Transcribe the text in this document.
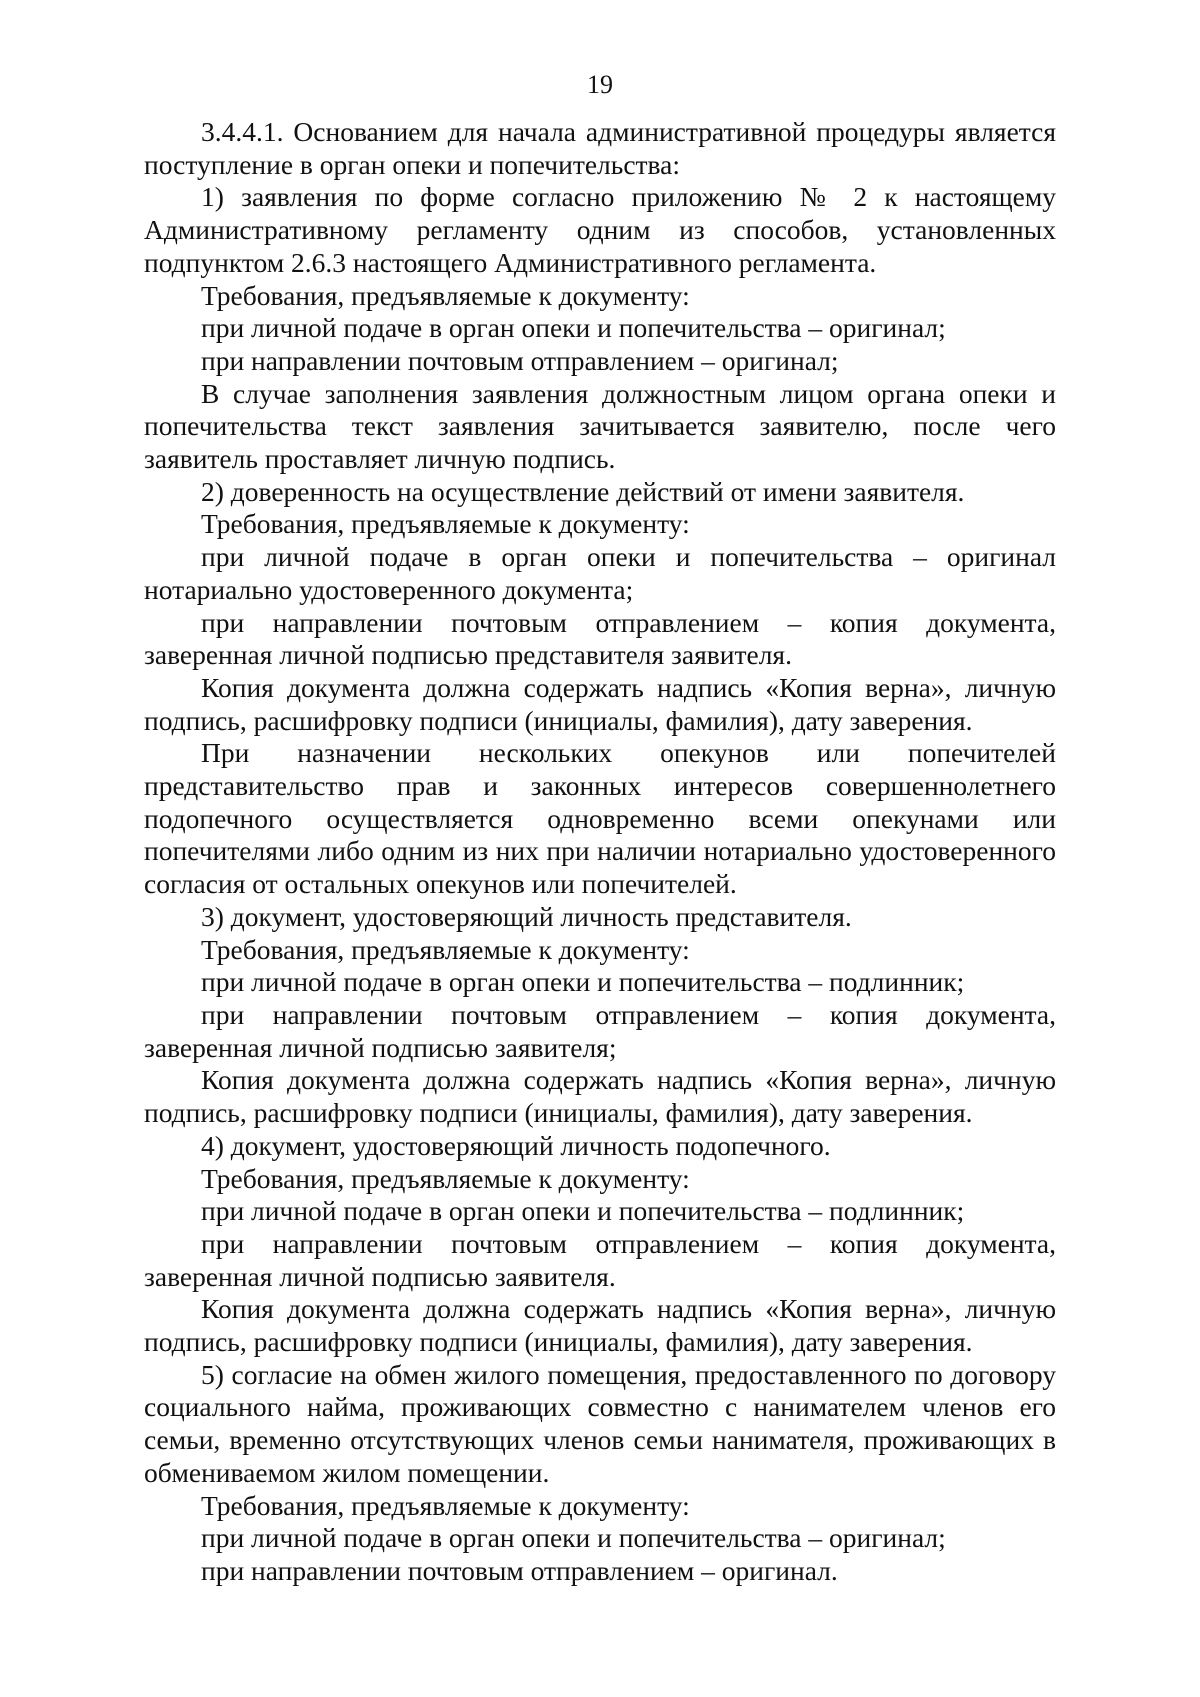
19

3.4.4.1. Основанием для начала административной процедуры является поступление в орган опеки и попечительства:

1) заявления по форме согласно приложению № 2 к настоящему Административному регламенту одним из способов, установленных подпунктом 2.6.3 настоящего Административного регламента.

Требования, предъявляемые к документу:

при личной подаче в орган опеки и попечительства – оригинал;

при направлении почтовым отправлением – оригинал;

В случае заполнения заявления должностным лицом органа опеки и попечительства текст заявления зачитывается заявителю, после чего заявитель проставляет личную подпись.

2) доверенность на осуществление действий от имени заявителя.

Требования, предъявляемые к документу:

при личной подаче в орган опеки и попечительства – оригинал нотариально удостоверенного документа;

при направлении почтовым отправлением – копия документа, заверенная личной подписью представителя заявителя.

Копия документа должна содержать надпись «Копия верна», личную подпись, расшифровку подписи (инициалы, фамилия), дату заверения.

При назначении нескольких опекунов или попечителей представительство прав и законных интересов совершеннолетнего подопечного осуществляется одновременно всеми опекунами или попечителями либо одним из них при наличии нотариально удостоверенного согласия от остальных опекунов или попечителей.

3) документ, удостоверяющий личность представителя.

Требования, предъявляемые к документу:

при личной подаче в орган опеки и попечительства – подлинник;

при направлении почтовым отправлением – копия документа, заверенная личной подписью заявителя;

Копия документа должна содержать надпись «Копия верна», личную подпись, расшифровку подписи (инициалы, фамилия), дату заверения.

4) документ, удостоверяющий личность подопечного.

Требования, предъявляемые к документу:

при личной подаче в орган опеки и попечительства – подлинник;

при направлении почтовым отправлением – копия документа, заверенная личной подписью заявителя.

Копия документа должна содержать надпись «Копия верна», личную подпись, расшифровку подписи (инициалы, фамилия), дату заверения.

5) согласие на обмен жилого помещения, предоставленного по договору социального найма, проживающих совместно с нанимателем членов его семьи, временно отсутствующих членов семьи нанимателя, проживающих в обмениваемом жилом помещении.

Требования, предъявляемые к документу:

при личной подаче в орган опеки и попечительства – оригинал;

при направлении почтовым отправлением – оригинал.
